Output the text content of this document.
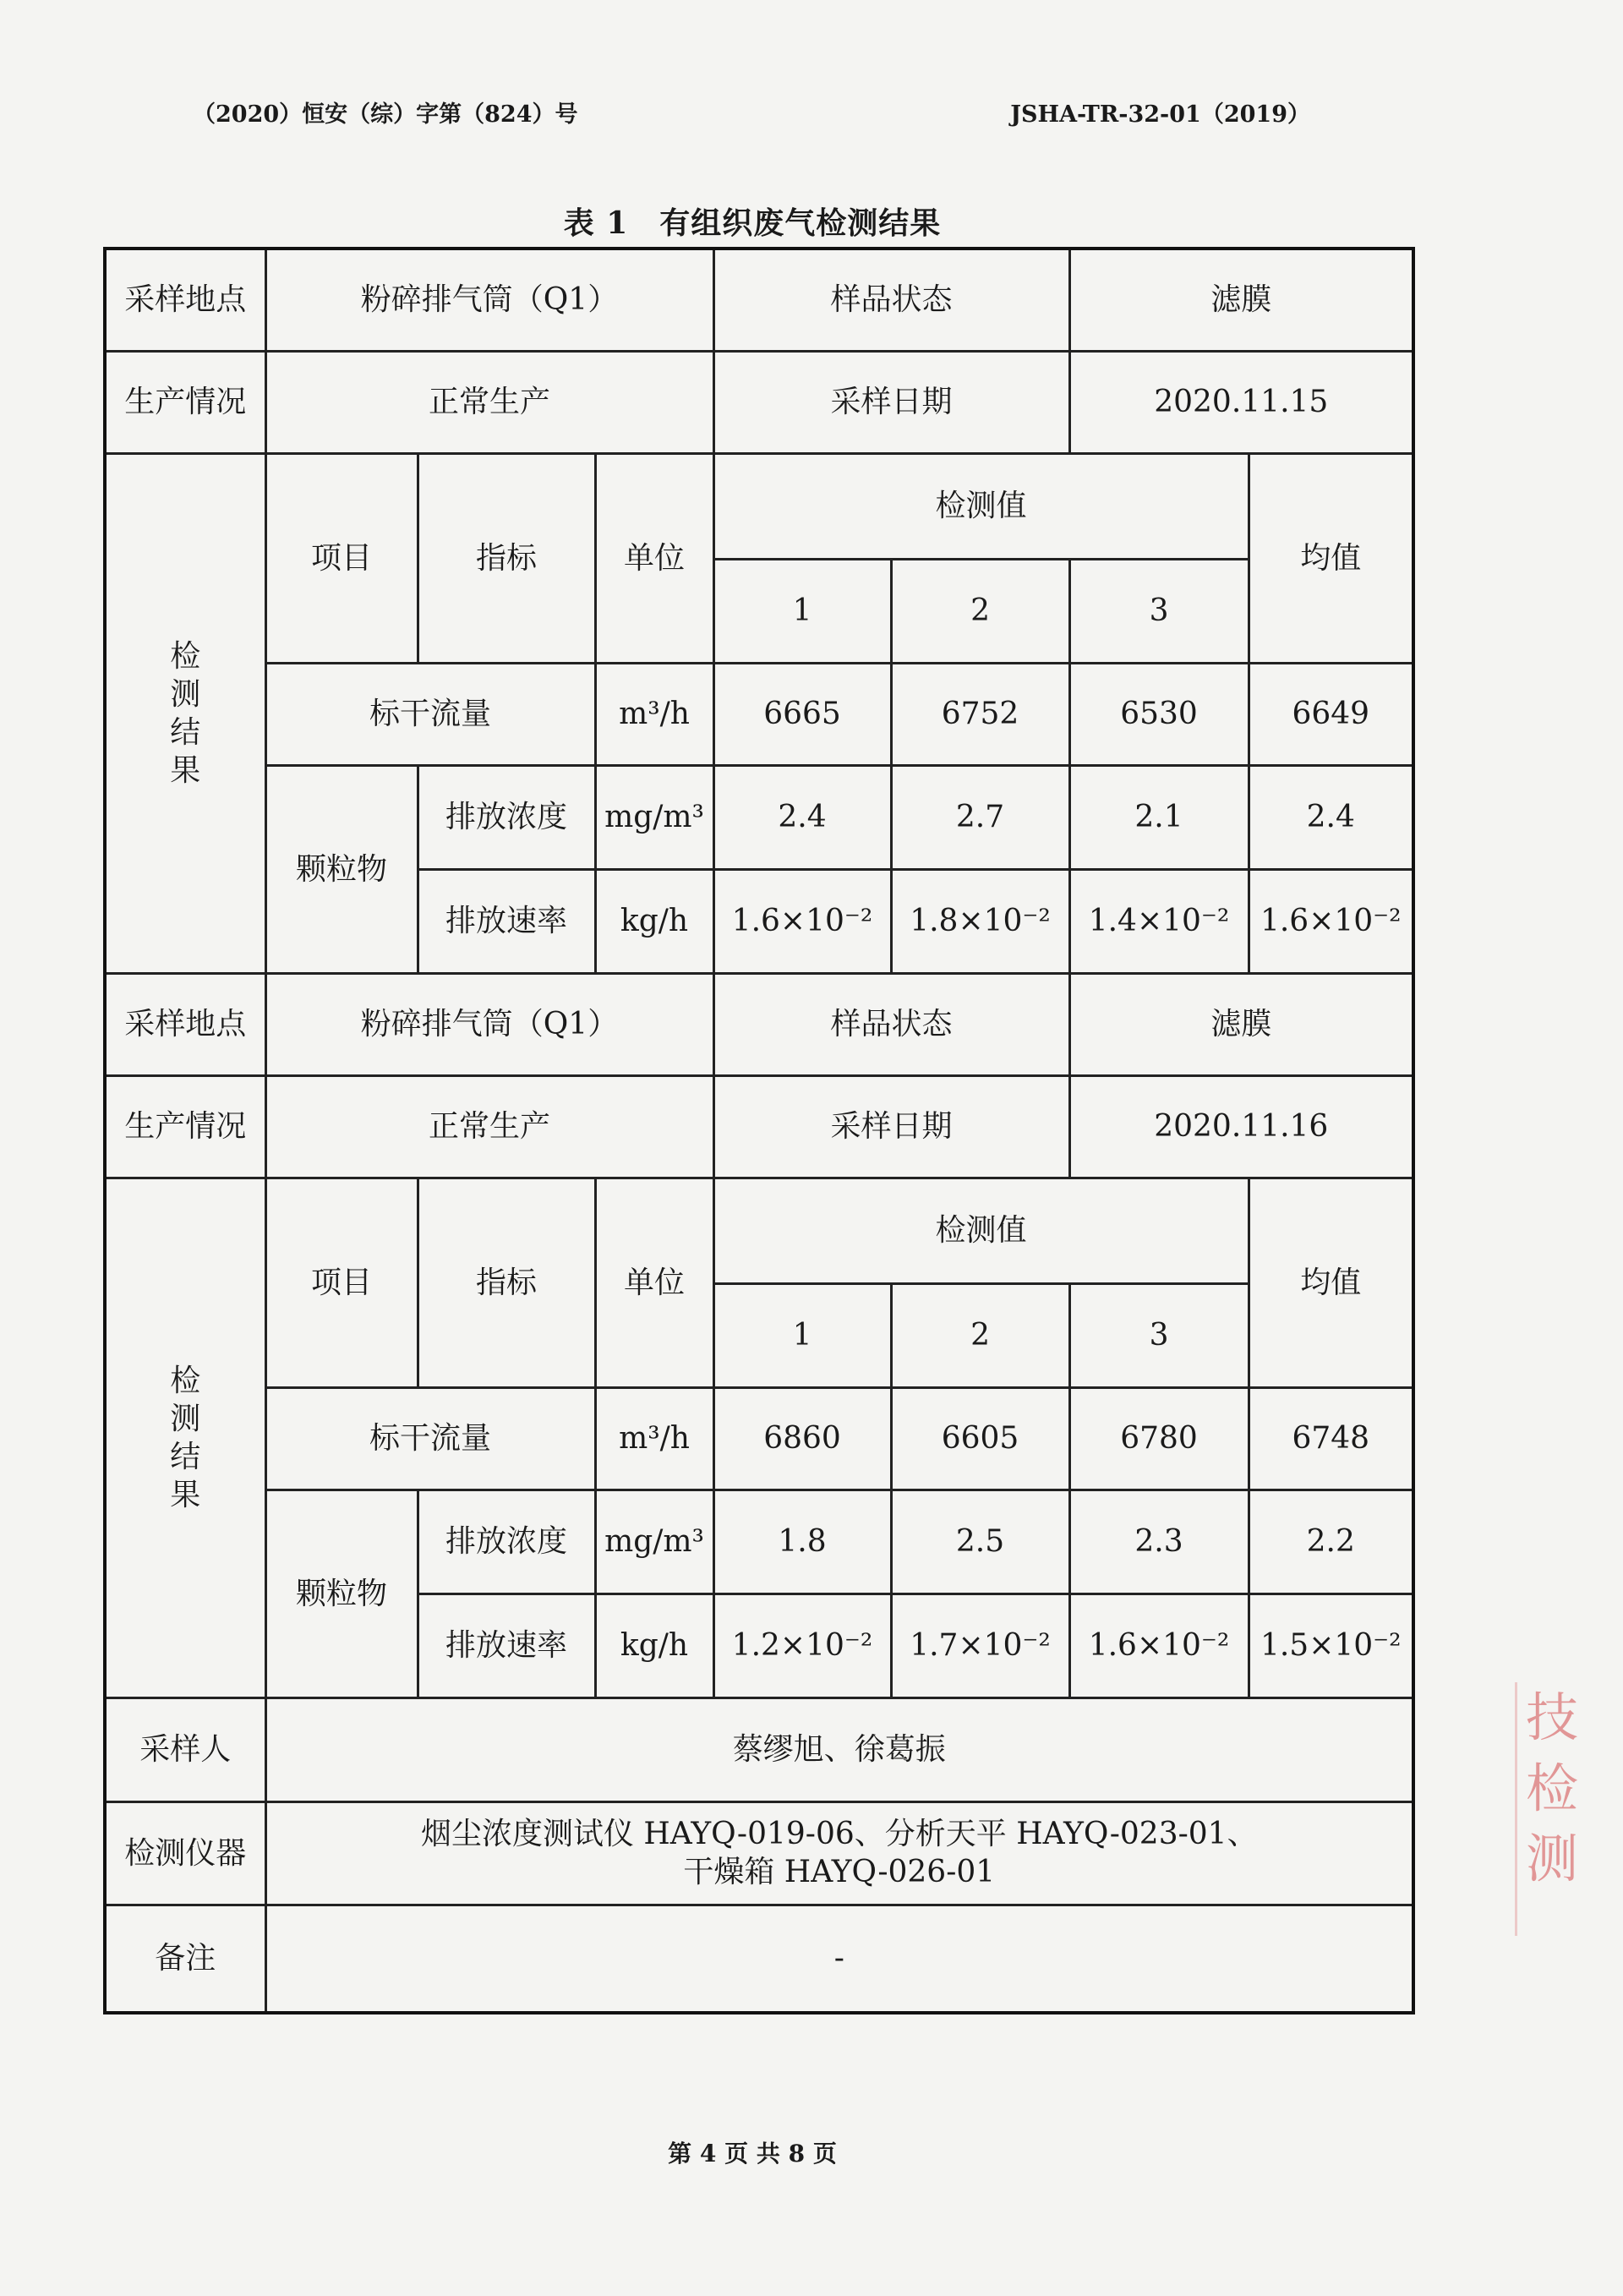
（2020）恒安（综）字第（824）号	JSHA-TR-32-01（2019）
表 1　有组织废气检测结果
采样地点	粉碎排气筒（Q1）			样品状态		滤膜	
生产情况	正常生产			采样日期		2020.11.15	
检
测
结
果	项目	指标	单位	检测值			均值
				1	2	3	
	标干流量		m³/h	6665	6752	6530	6649
	颗粒物	排放浓度	mg/m³	2.4	2.7	2.1	2.4
		排放速率	kg/h	1.6×10⁻²	1.8×10⁻²	1.4×10⁻²	1.6×10⁻²
采样地点	粉碎排气筒（Q1）			样品状态		滤膜	
生产情况	正常生产			采样日期		2020.11.16	
检
测
结
果	项目	指标	单位	检测值			均值
				1	2	3	
	标干流量		m³/h	6860	6605	6780	6748
	颗粒物	排放浓度	mg/m³	1.8	2.5	2.3	2.2
		排放速率	kg/h	1.2×10⁻²	1.7×10⁻²	1.6×10⁻²	1.5×10⁻²
采样人	蔡缪旭、徐葛振						
检测仪器	烟尘浓度测试仪 HAYQ-019-06、分析天平 HAYQ-023-01、
干燥箱 HAYQ-026-01						
备注	-						
技
检
测
第 4 页 共 8 页
